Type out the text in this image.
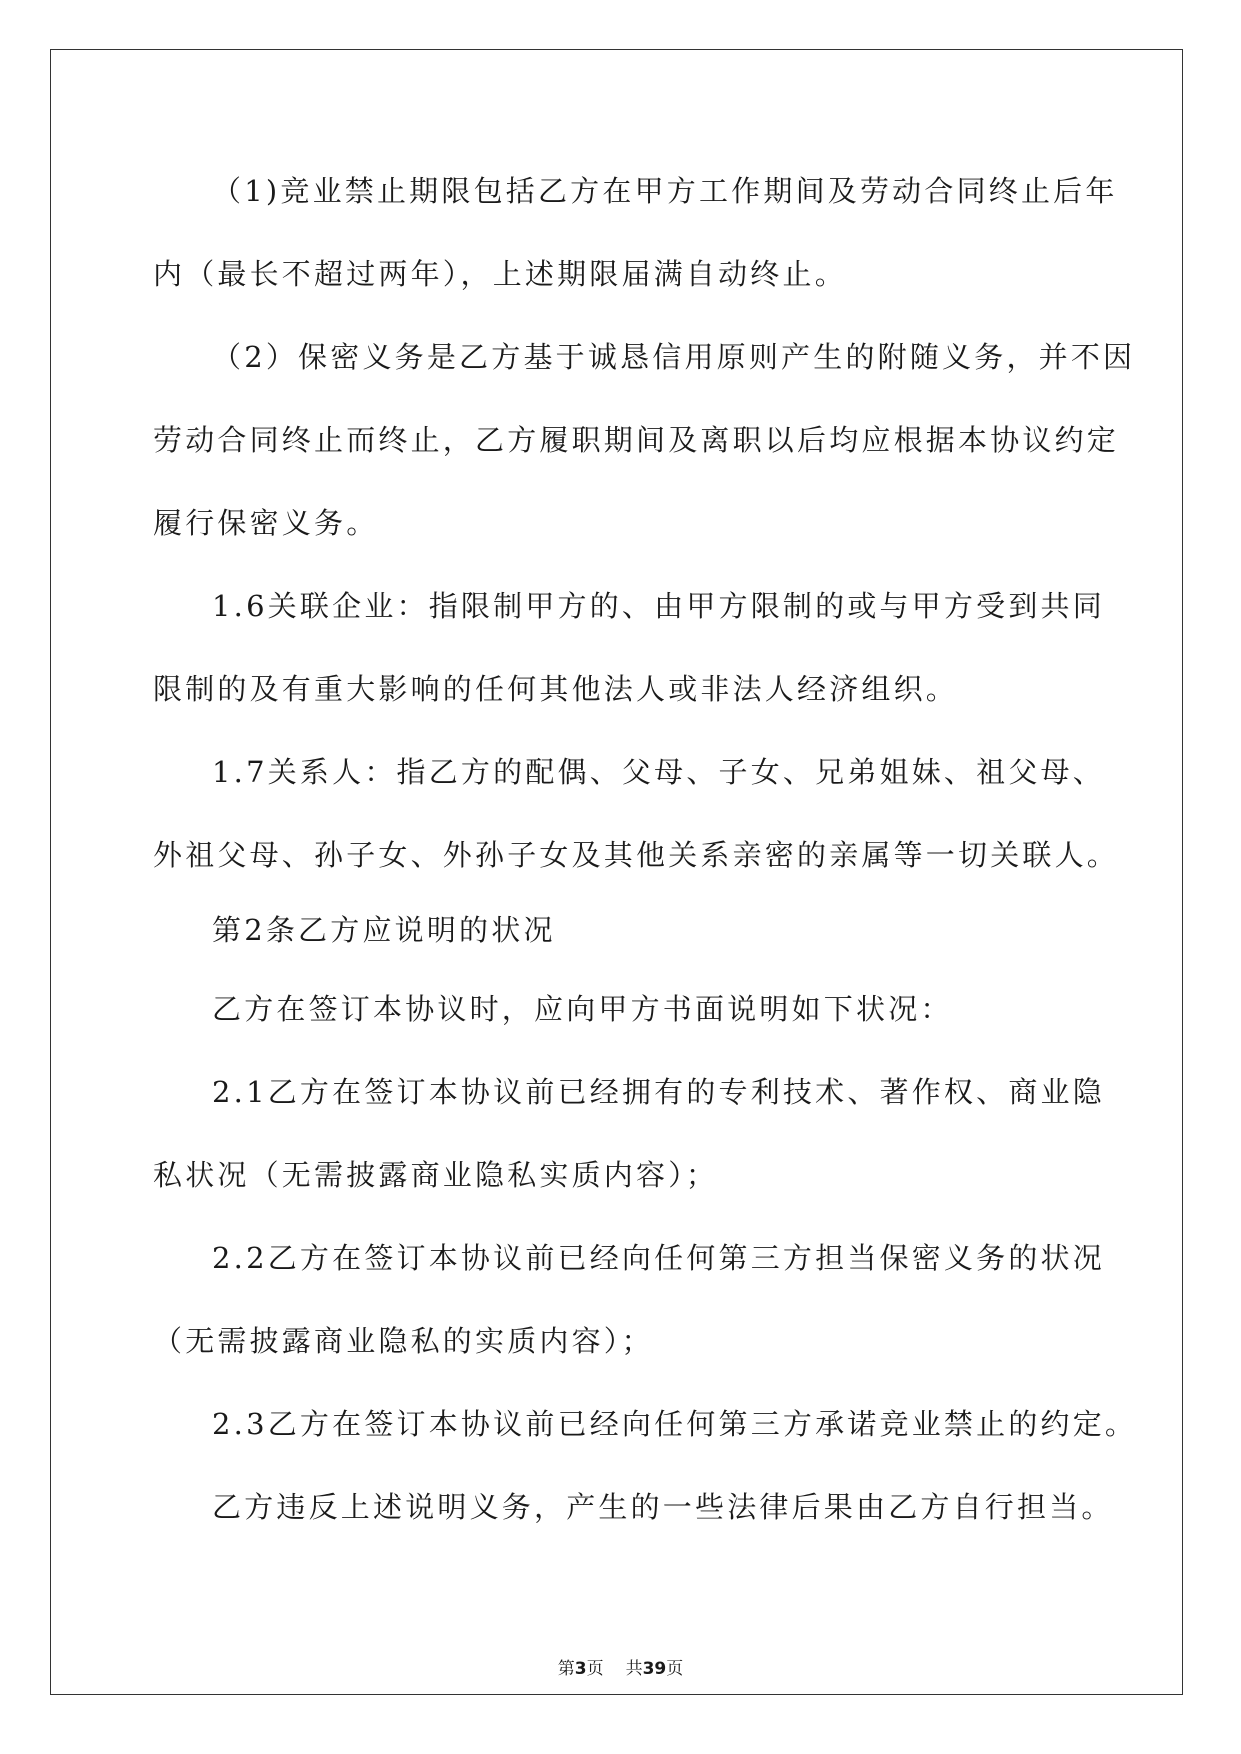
（1)竞业禁止期限包括乙方在甲方工作期间及劳动合同终止后年
内（最长不超过两年），上述期限届满自动终止。
（2）保密义务是乙方基于诚恳信用原则产生的附随义务，并不因
劳动合同终止而终止，乙方履职期间及离职以后均应根据本协议约定
履行保密义务。
1.6关联企业：指限制甲方的、由甲方限制的或与甲方受到共同
限制的及有重大影响的任何其他法人或非法人经济组织。
1.7关系人：指乙方的配偶、父母、子女、兄弟姐妹、祖父母、
外祖父母、孙子女、外孙子女及其他关系亲密的亲属等一切关联人。
第2条乙方应说明的状况
乙方在签订本协议时，应向甲方书面说明如下状况：
2.1乙方在签订本协议前已经拥有的专利技术、著作权、商业隐
私状况（无需披露商业隐私实质内容）；
2.2乙方在签订本协议前已经向任何第三方担当保密义务的状况
（无需披露商业隐私的实质内容）；
2.3乙方在签订本协议前已经向任何第三方承诺竞业禁止的约定。
乙方违反上述说明义务，产生的一些法律后果由乙方自行担当。
第3页 共39页
